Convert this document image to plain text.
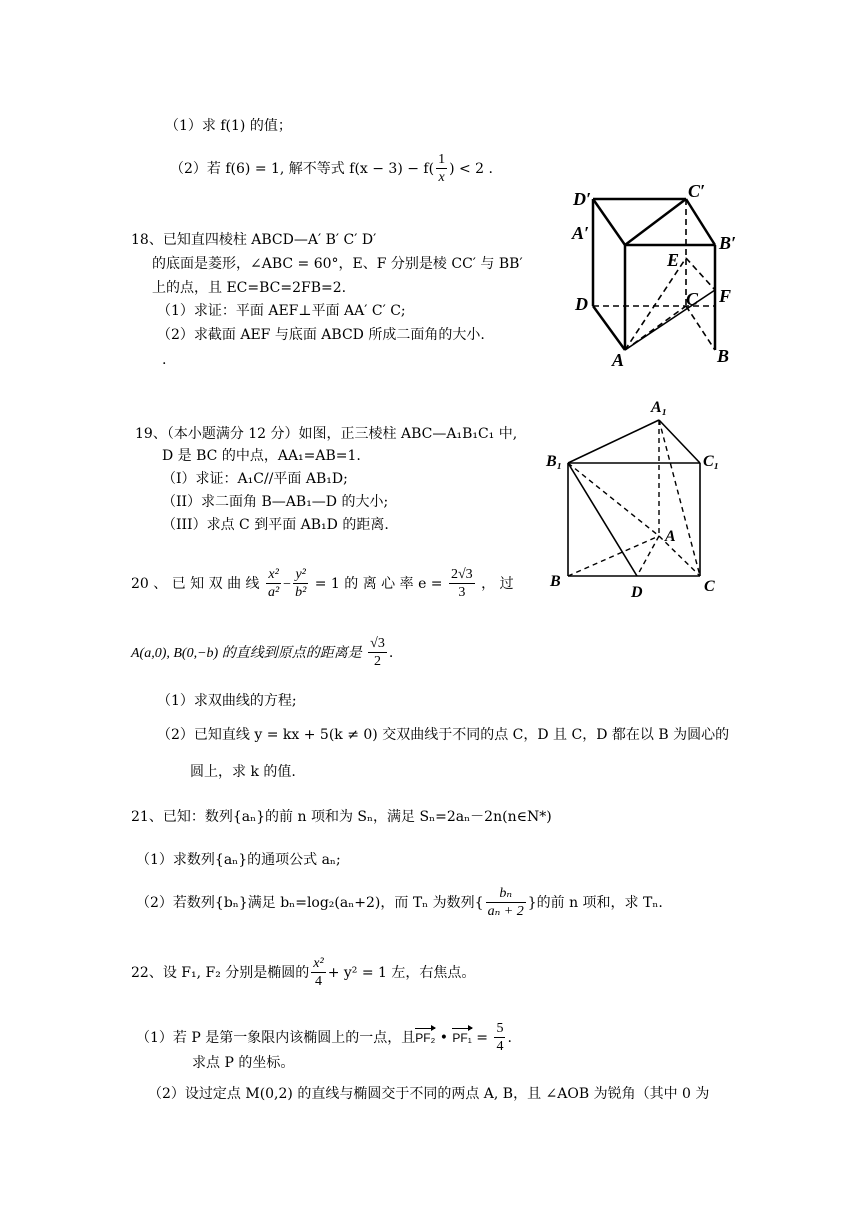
（1）求 f(1) 的值；
（2）若 f(6) = 1, 解不等式 $f(x - 3) - f( \frac{1}{x}$ ) < 2 .
18、已知直四棱柱 ABCD—A′ B′ C′ D′
的底面是菱形，∠ABC = 60°，E、F 分别是棱 CC′ 与 BB′
上的点，且 EC=BC=2FB=2.
（1）求证：平面 AEF⊥平面 AA′ C′ C;
（2）求截面 AEF 与底面 ABCD 所成二面角的大小.
.
D′	C′
A′	B′
E
D	C F
A	B
19、（本小题满分 12 分）如图，正三棱柱 ABC—A₁B₁C₁ 中,
D 是 BC 的中点，AA₁=AB=1.
（I）求证：A₁C//平面 AB₁D;
（II）求二面角 B—AB₁—D 的大小;
（III）求点 C 到平面 AB₁D 的距离.
A₁
B₁	C₁
A
B
D	C
20 、 已 知 双 曲 线 $\frac{\text{x²}}{\text{a²}} - \frac{\text{y²}}{\text{b²}} = 1$ 的 离 心 率 $e = \frac{2√3}{3}$ ， 过
A(a,0), B(0,−b) 的直线到原点的距离是 $\frac{√3}{2}$ .
（1）求双曲线的方程;
（2）已知直线 y = kx + 5(k ≠ 0) 交双曲线于不同的点 C，D 且 C，D 都在以 B 为圆心的
圆上，求 k 的值.
21、已知：数列{aₙ}的前 n 项和为 Sₙ，满足 Sₙ=2aₙ－2n(n∈N*)
（1）求数列{aₙ}的通项公式 aₙ;
（2）若数列{bₙ}满足 bₙ=log₂(aₙ+2)，而 Tₙ 为数列{ $\frac{\text{bₙ}}{\text{aₙ + 2}}$ }的前 n 项和，求 Tₙ.
22、设 F₁, F₂ 分别是椭圆的 $\frac{\text{x²}}{4} + y^2 = 1$ 左，右焦点。
（1）若 P 是第一象限内该椭圆上的一点，且PF₂ • $PF_1 = \frac{5}{4}$ .
求点 P 的坐标。
（2）设过定点 M(0,2) 的直线与椭圆交于不同的两点 A, B，且 ∠AOB 为锐角（其中 0 为
